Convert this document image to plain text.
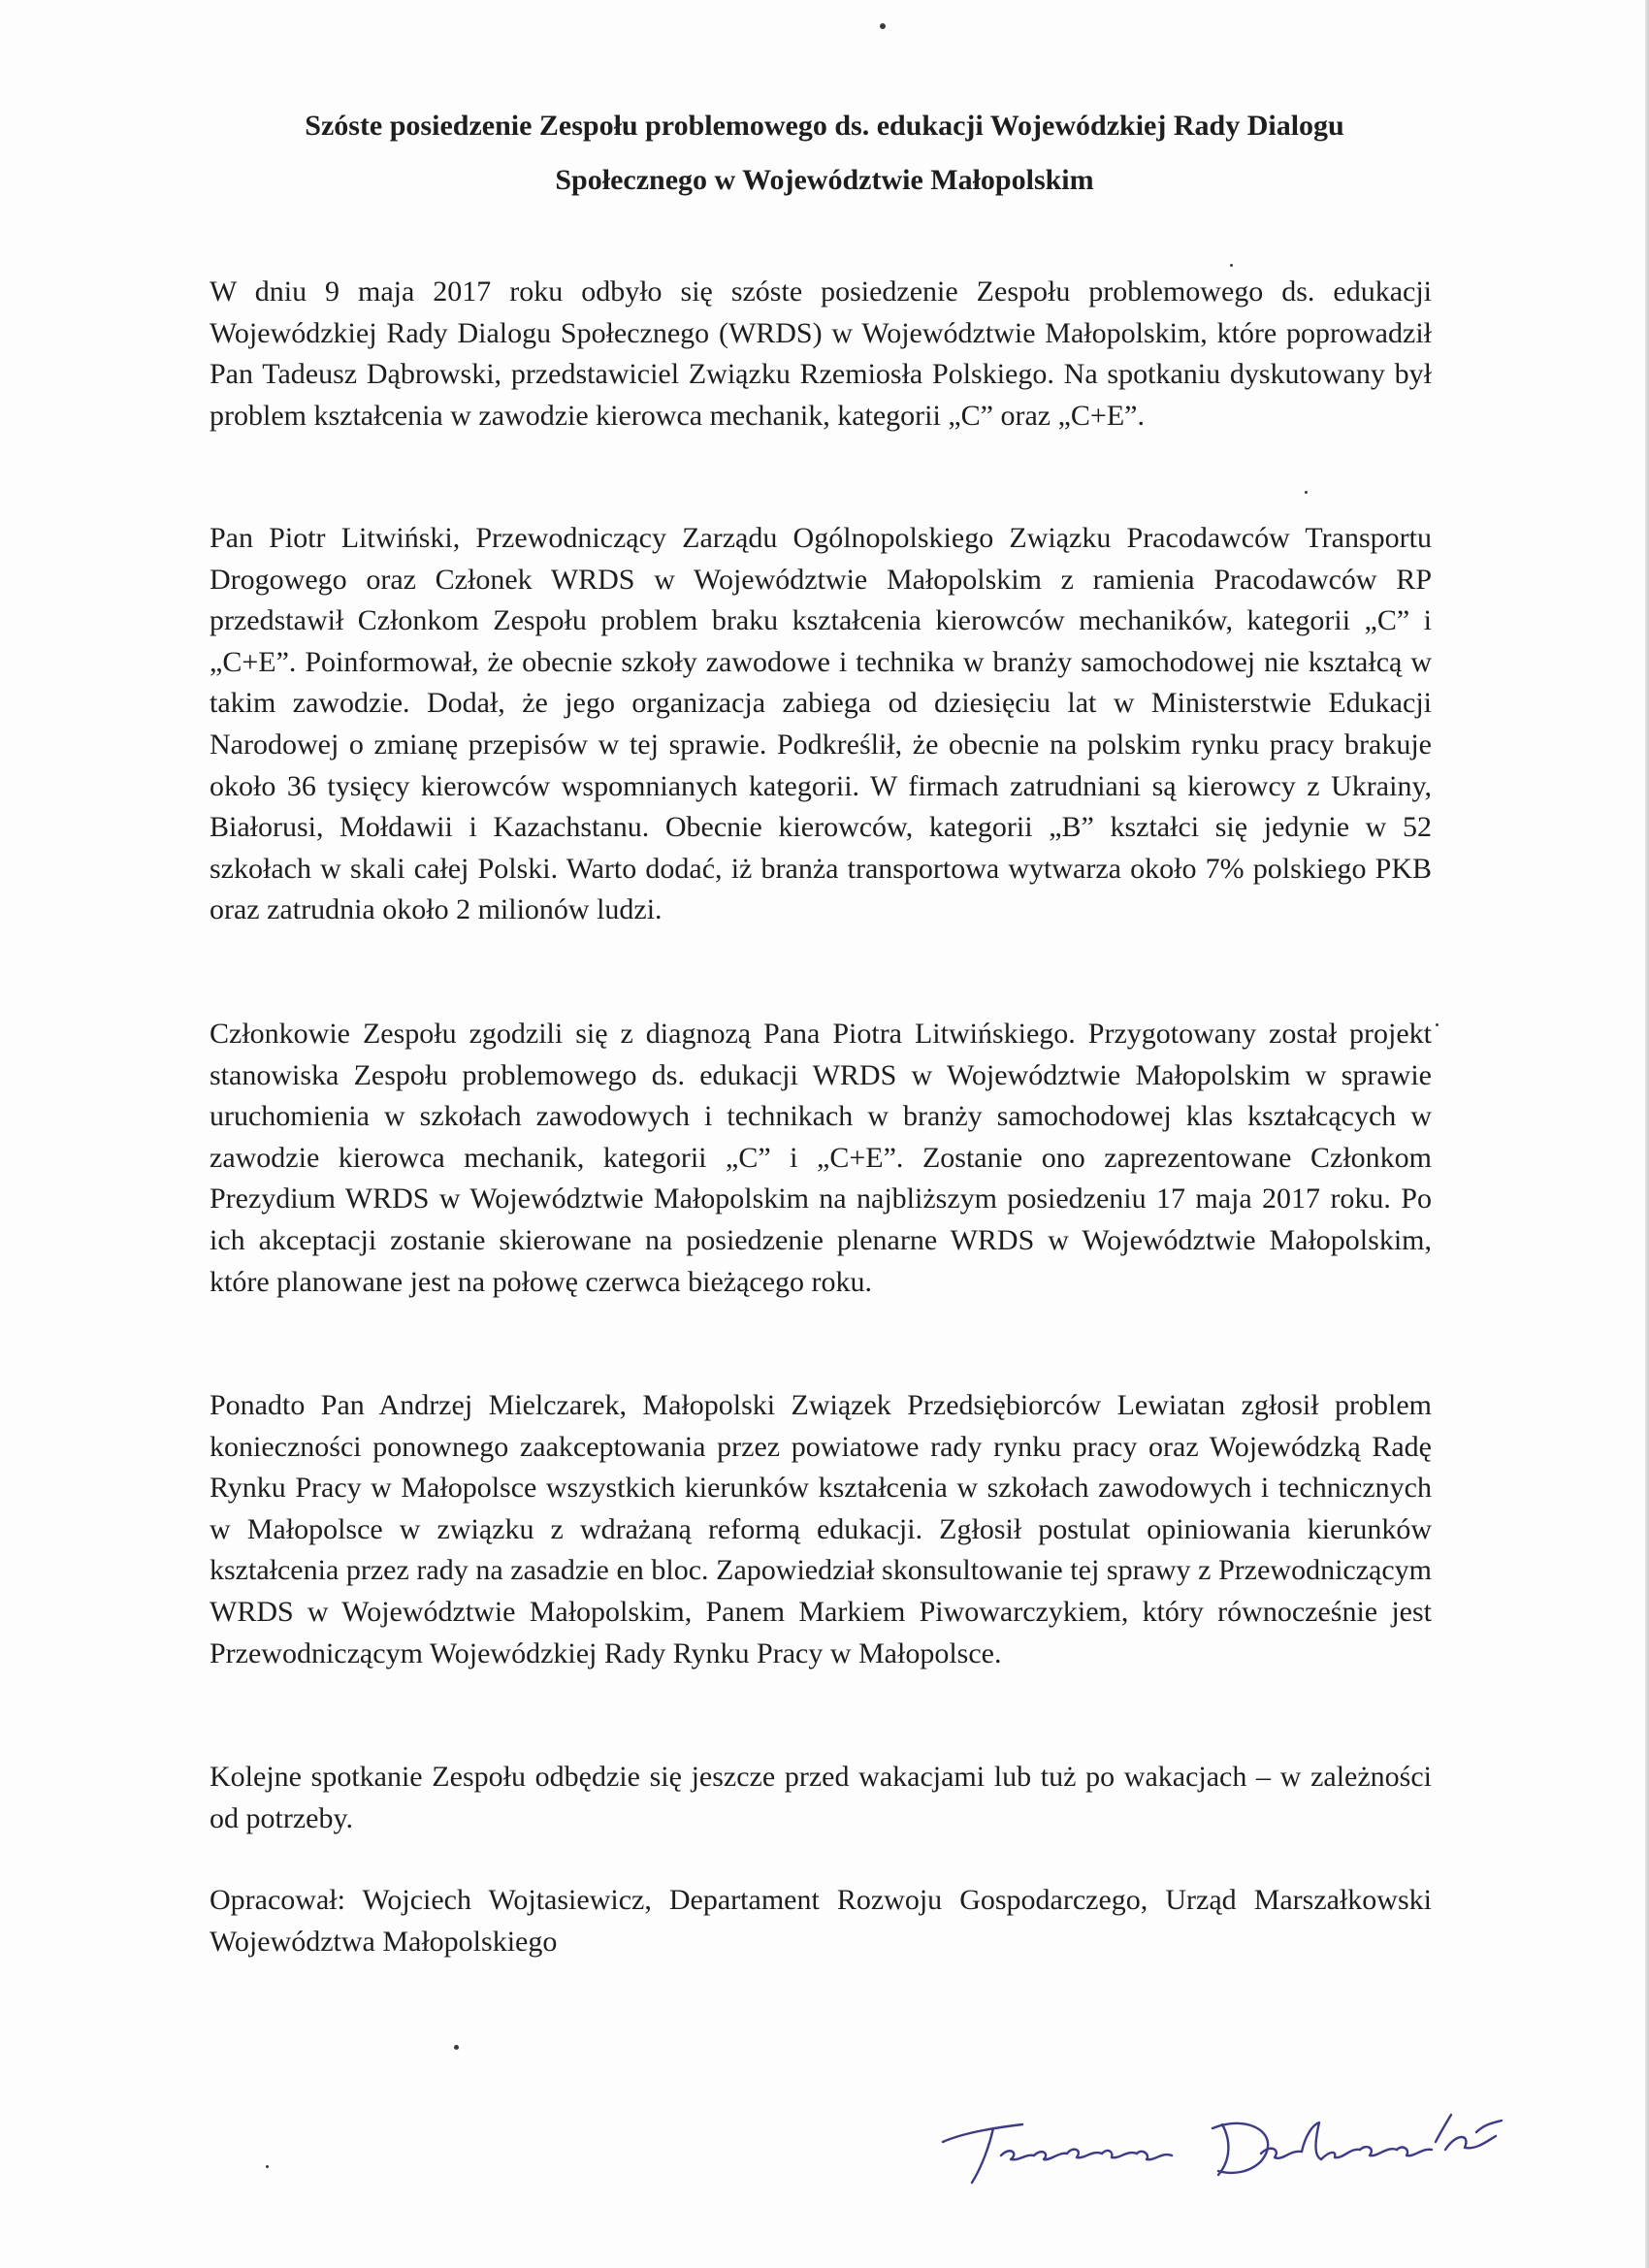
Szóste posiedzenie Zespołu problemowego ds. edukacji Wojewódzkiej Rady Dialogu
Społecznego w Województwie Małopolskim

W dniu 9 maja 2017 roku odbyło się szóste posiedzenie Zespołu problemowego ds. edukacji Wojewódzkiej Rady Dialogu Społecznego (WRDS) w Województwie Małopolskim, które poprowadził Pan Tadeusz Dąbrowski, przedstawiciel Związku Rzemiosła Polskiego. Na spotkaniu dyskutowany był problem kształcenia w zawodzie kierowca mechanik, kategorii „C” oraz „C+E”.

Pan Piotr Litwiński, Przewodniczący Zarządu Ogólnopolskiego Związku Pracodawców Transportu Drogowego oraz Członek WRDS w Województwie Małopolskim z ramienia Pracodawców RP przedstawił Członkom Zespołu problem braku kształcenia kierowców mechaników, kategorii „C” i „C+E”. Poinformował, że obecnie szkoły zawodowe i technika w branży samochodowej nie kształcą w takim zawodzie. Dodał, że jego organizacja zabiega od dziesięciu lat w Ministerstwie Edukacji Narodowej o zmianę przepisów w tej sprawie. Podkreślił, że obecnie na polskim rynku pracy brakuje około 36 tysięcy kierowców wspomnianych kategorii. W firmach zatrudniani są kierowcy z Ukrainy, Białorusi, Mołdawii i Kazachstanu. Obecnie kierowców, kategorii „B” kształci się jedynie w 52 szkołach w skali całej Polski. Warto dodać, iż branża transportowa wytwarza około 7% polskiego PKB oraz zatrudnia około 2 milionów ludzi.

Członkowie Zespołu zgodzili się z diagnozą Pana Piotra Litwińskiego. Przygotowany został projekt stanowiska Zespołu problemowego ds. edukacji WRDS w Województwie Małopolskim w sprawie uruchomienia w szkołach zawodowych i technikach w branży samochodowej klas kształcących w zawodzie kierowca mechanik, kategorii „C” i „C+E”. Zostanie ono zaprezentowane Członkom Prezydium WRDS w Województwie Małopolskim na najbliższym posiedzeniu 17 maja 2017 roku. Po ich akceptacji zostanie skierowane na posiedzenie plenarne WRDS w Województwie Małopolskim, które planowane jest na połowę czerwca bieżącego roku.

Ponadto Pan Andrzej Mielczarek, Małopolski Związek Przedsiębiorców Lewiatan zgłosił problem konieczności ponownego zaakceptowania przez powiatowe rady rynku pracy oraz Wojewódzką Radę Rynku Pracy w Małopolsce wszystkich kierunków kształcenia w szkołach zawodowych i technicznych w Małopolsce w związku z wdrażaną reformą edukacji. Zgłosił postulat opiniowania kierunków kształcenia przez rady na zasadzie en bloc. Zapowiedział skonsultowanie tej sprawy z Przewodniczącym WRDS w Województwie Małopolskim, Panem Markiem Piwowarczykiem, który równocześnie jest Przewodniczącym Wojewódzkiej Rady Rynku Pracy w Małopolsce.

Kolejne spotkanie Zespołu odbędzie się jeszcze przed wakacjami lub tuż po wakacjach – w zależności od potrzeby.

Opracował: Wojciech Wojtasiewicz, Departament Rozwoju Gospodarczego, Urząd Marszałkowski Województwa Małopolskiego
